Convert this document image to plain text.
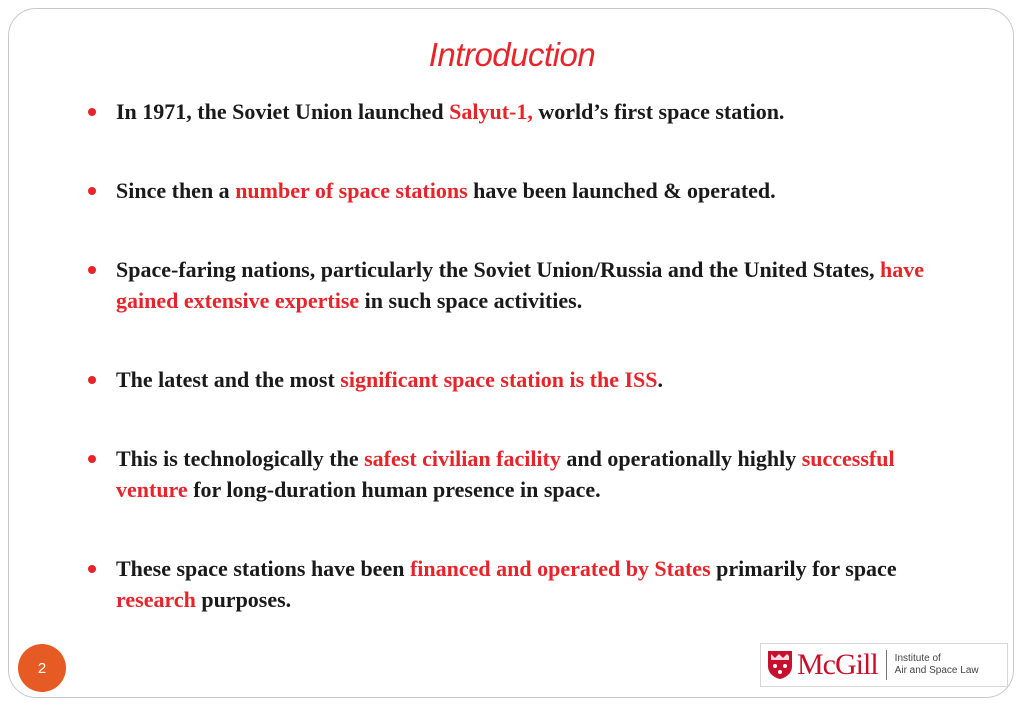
Introduction
In 1971, the Soviet Union launched Salyut-1, world’s first space station.
Since then a number of space stations have been launched & operated.
Space-faring nations, particularly the Soviet Union/Russia and the United States, have gained extensive expertise in such space activities.
The latest and the most significant space station is the ISS.
This is technologically the safest civilian facility and operationally highly successful venture for long-duration human presence in space.
These space stations have been financed and operated by States primarily for space research purposes.
2	McGill Institute of
Air and Space Law
